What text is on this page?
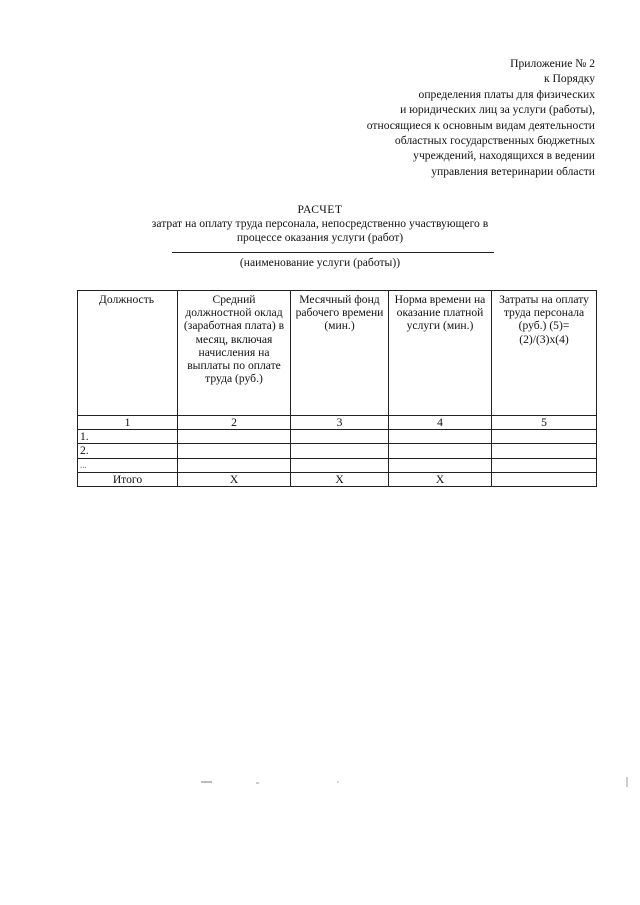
Приложение № 2
к Порядку
определения платы для физических
и юридических лиц за услуги (работы),
относящиеся к основным видам деятельности
областных государственных бюджетных
учреждений, находящихся в ведении
управления ветеринарии области
РАСЧЕТ
затрат на оплату труда персонала, непосредственно участвующего в
процессе оказания услуги (работ)
(наименование услуги (работы))
Должность	Средний должностной оклад (заработная плата) в месяц, включая начисления на выплаты по оплате труда (руб.)	Месячный фонд рабочего времени (мин.)	Норма времени на оказание платной услуги (мин.)	Затраты на оплату труда персонала (руб.) (5)=(2)/(3)x(4)
1	2	3	4	5
1.				
2.				
...				
Итого	X	X	X	
